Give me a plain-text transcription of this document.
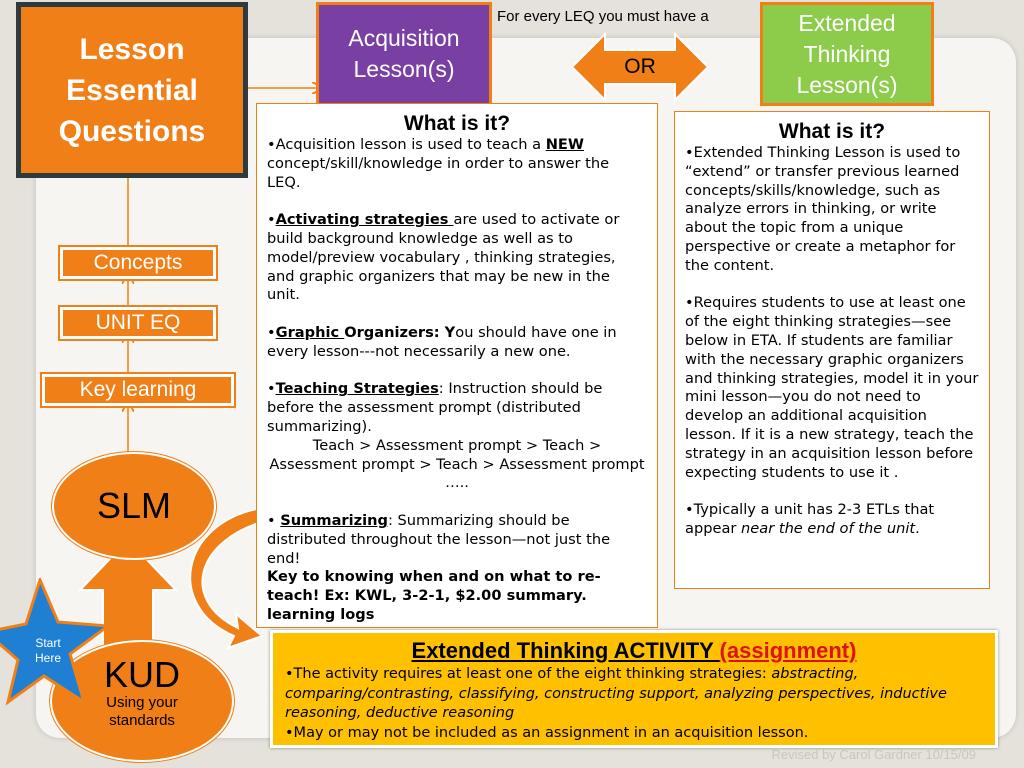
Lesson Essential Questions
Acquisition Lesson(s)
For every LEQ you must have a
OR
Extended Thinking Lesson(s)
Concepts
UNIT EQ
Key learning
SLM
KUD
Using your standards
Start Here
What is it?

•Acquisition lesson is used to teach a NEW concept/skill/knowledge in order to answer the LEQ.

•Activating strategies are used to activate or build background knowledge as well as to model/preview vocabulary , thinking strategies, and graphic organizers that may be new in the unit.

•Graphic Organizers: You should have one in every lesson---not necessarily a new one.

•Teaching Strategies: Instruction should be before the assessment prompt (distributed summarizing).

Teach > Assessment prompt > Teach > Assessment prompt > Teach > Assessment prompt …..

• Summarizing: Summarizing should be distributed throughout the lesson—not just the end!

Key to knowing when and on what to re-teach! Ex: KWL, 3-2-1, $2.00 summary. learning logs

What is it?

•Extended Thinking Lesson is used to “extend” or transfer previous learned concepts/skills/knowledge, such as analyze errors in thinking, or write about the topic from a unique perspective or create a metaphor for the content.

•Requires students to use at least one of the eight thinking strategies—see below in ETA. If students are familiar with the necessary graphic organizers and thinking strategies, model it in your mini lesson—you do not need to develop an additional acquisition lesson. If it is a new strategy, teach the strategy in an acquisition lesson before expecting students to use it .

•Typically a unit has 2-3 ETLs that appear near the end of the unit.

Extended Thinking ACTIVITY (assignment)

•The activity requires at least one of the eight thinking strategies: abstracting, comparing/contrasting, classifying, constructing support, analyzing perspectives, inductive reasoning, deductive reasoning

•May or may not be included as an assignment in an acquisition lesson.

Revised by Carol Gardner 10/15/09
